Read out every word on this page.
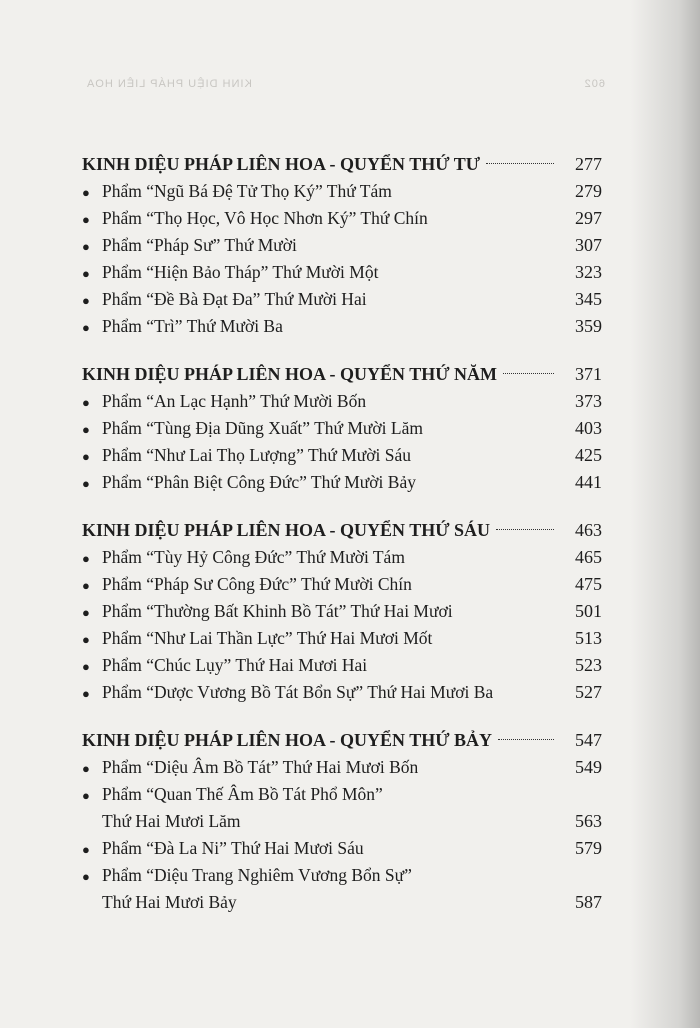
602
KINH DIỆU PHÁP LIÊN HOA
KINH DIỆU PHÁP LIÊN HOA - QUYỂN THỨ TƯ	277
● Phẩm “Ngũ Bá Đệ Tử Thọ Ký” Thứ Tám	279
● Phẩm “Thọ Học, Vô Học Nhơn Ký” Thứ Chín	297
● Phẩm “Pháp Sư” Thứ Mười	307
● Phẩm “Hiện Bảo Tháp” Thứ Mười Một	323
● Phẩm “Đề Bà Đạt Đa” Thứ Mười Hai	345
● Phẩm “Trì” Thứ Mười Ba	359
KINH DIỆU PHÁP LIÊN HOA - QUYỂN THỨ NĂM	371
● Phẩm “An Lạc Hạnh” Thứ Mười Bốn	373
● Phẩm “Tùng Địa Dũng Xuất” Thứ Mười Lăm	403
● Phẩm “Như Lai Thọ Lượng” Thứ Mười Sáu	425
● Phẩm “Phân Biệt Công Đức” Thứ Mười Bảy	441
KINH DIỆU PHÁP LIÊN HOA - QUYỂN THỨ SÁU	463
● Phẩm “Tùy Hỷ Công Đức” Thứ Mười Tám	465
● Phẩm “Pháp Sư Công Đức” Thứ Mười Chín	475
● Phẩm “Thường Bất Khinh Bồ Tát” Thứ Hai Mươi	501
● Phẩm “Như Lai Thần Lực” Thứ Hai Mươi Mốt	513
● Phẩm “Chúc Lụy” Thứ Hai Mươi Hai	523
● Phẩm “Dược Vương Bồ Tát Bổn Sự” Thứ Hai Mươi Ba	527
KINH DIỆU PHÁP LIÊN HOA - QUYỂN THỨ BẢY	547
● Phẩm “Diệu Âm Bồ Tát” Thứ Hai Mươi Bốn	549
● Phẩm “Quan Thế Âm Bồ Tát Phổ Môn”
Thứ Hai Mươi Lăm	563
● Phẩm “Đà La Ni” Thứ Hai Mươi Sáu	579
● Phẩm “Diệu Trang Nghiêm Vương Bổn Sự”
Thứ Hai Mươi Bảy	587
